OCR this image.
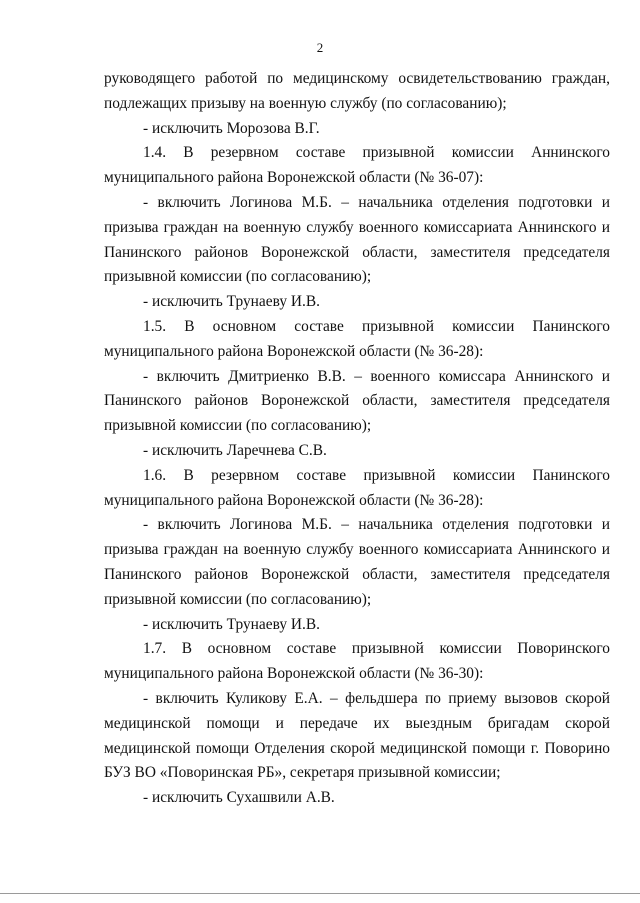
2

руководящего работой по медицинскому освидетельствованию граждан, подлежащих призыву на военную службу (по согласованию);

- исключить Морозова В.Г.

1.4. В резервном составе призывной комиссии Аннинского муниципального района Воронежской области (№ 36-07):

- включить Логинова М.Б. – начальника отделения подготовки и призыва граждан на военную службу военного комиссариата Аннинского и Панинского районов Воронежской области, заместителя председателя призывной комиссии (по согласованию);

- исключить Трунаеву И.В.

1.5. В основном составе призывной комиссии Панинского муниципального района Воронежской области (№ 36-28):

- включить Дмитриенко В.В. – военного комиссара Аннинского и Панинского районов Воронежской области, заместителя председателя призывной комиссии (по согласованию);

- исключить Ларечнева С.В.

1.6. В резервном составе призывной комиссии Панинского муниципального района Воронежской области (№ 36-28):

- включить Логинова М.Б. – начальника отделения подготовки и призыва граждан на военную службу военного комиссариата Аннинского и Панинского районов Воронежской области, заместителя председателя призывной комиссии (по согласованию);

- исключить Трунаеву И.В.

1.7. В основном составе призывной комиссии Поворинского муниципального района Воронежской области (№ 36-30):

- включить Куликову Е.А. – фельдшера по приему вызовов скорой медицинской помощи и передаче их выездным бригадам скорой медицинской помощи Отделения скорой медицинской помощи г. Поворино БУЗ ВО «Поворинская РБ», секретаря призывной комиссии;

- исключить Сухашвили А.В.
